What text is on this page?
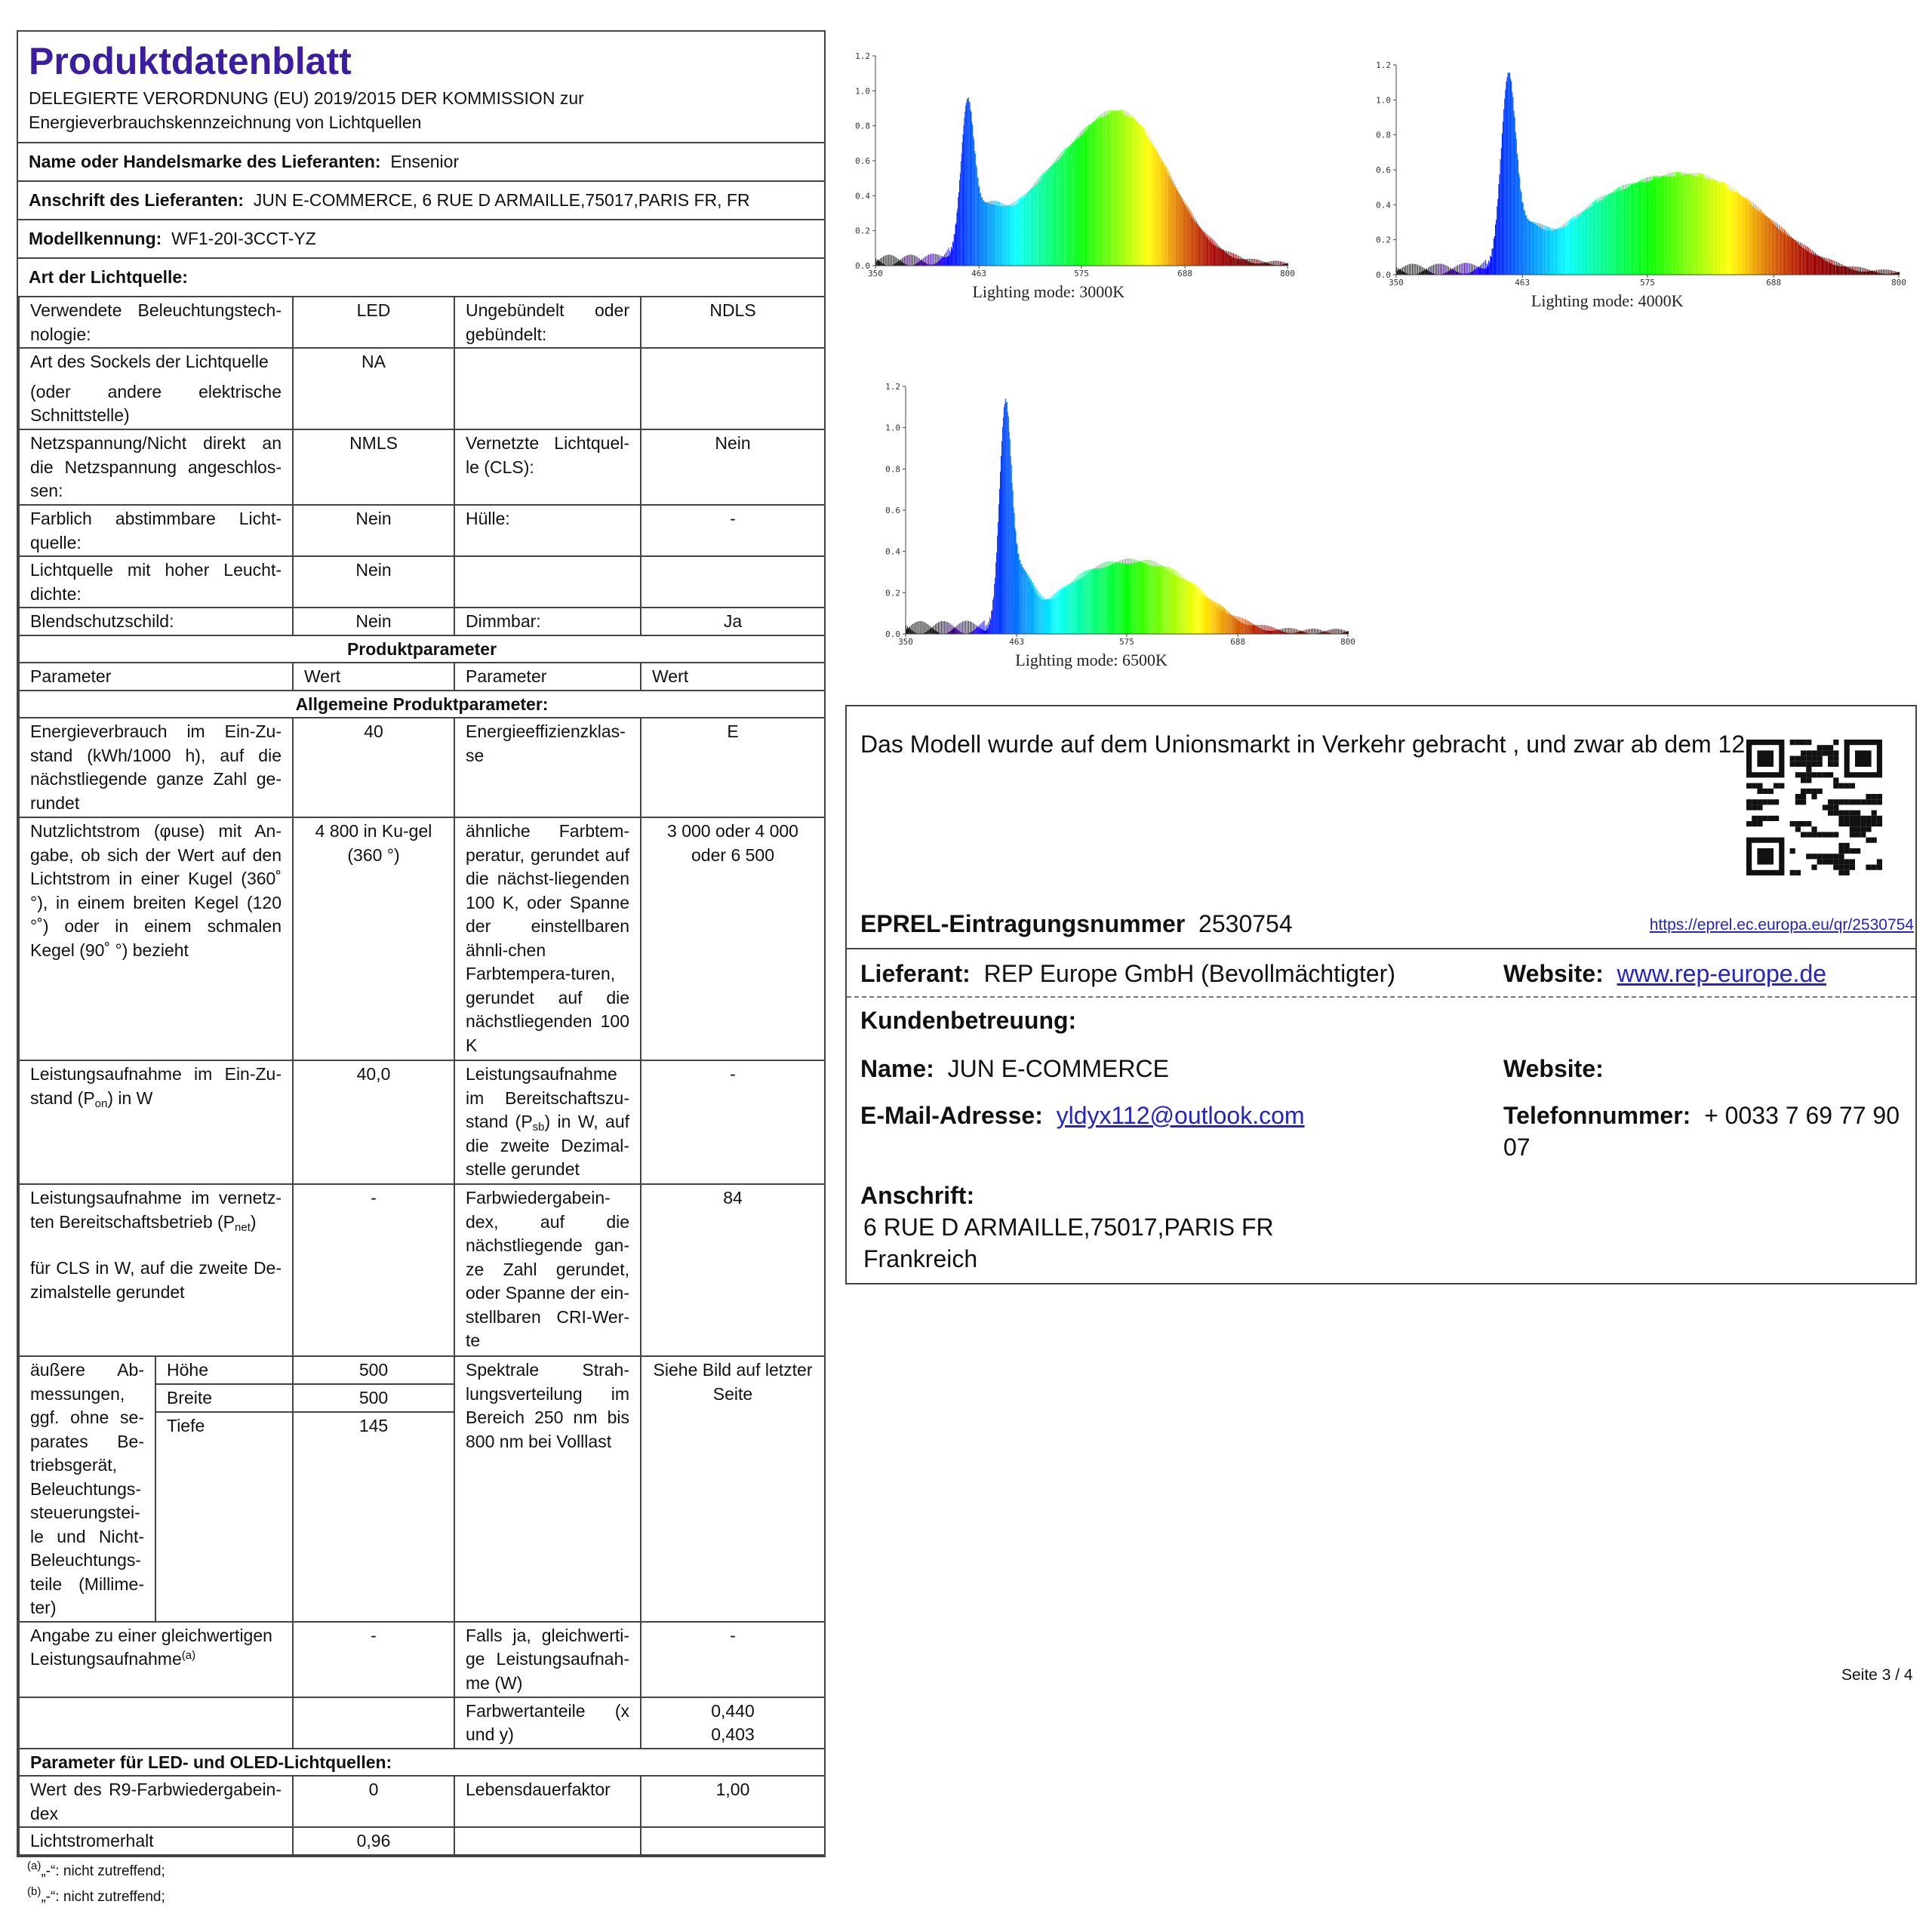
Produktdatenblatt
DELEGIERTE VERORDNUNG (EU) 2019/2015 DER KOMMISSION zur
Energieverbrauchskennzeichnung von Lichtquellen
Name oder Handelsmarke des Lieferanten: Ensenior
Anschrift des Lieferanten: JUN E-COMMERCE, 6 RUE D ARMAILLE,75017,PARIS FR, FR
Modellkennung: WF1-20I-3CCT-YZ
Art der Lichtquelle:
Verwendete Beleuchtungstech-nologie:		LED	Ungebündelt oder gebündelt:	NDLS

Art des Sockels der Lichtquelle
(oder andere elektrische Schnittstelle)		NA		
Netzspannung/Nicht direkt an die Netzspannung angeschlos-sen:		NMLS	Vernetzte Lichtquel-le (CLS):	Nein
Farblich abstimmbare Licht-quelle:		Nein	Hülle:	-
Lichtquelle mit hoher Leucht-dichte:		Nein		
Blendschutzschild:		Nein	Dimmbar:	Ja
Produktparameter				
Parameter		Wert	Parameter	Wert
Allgemeine Produktparameter:				
Energieverbrauch im Ein-Zu-stand (kWh/1000 h), auf die nächstliegende ganze Zahl ge-rundet		40	Energieeffizienzklas-se	E
Nutzlichtstrom (φuse) mit An-gabe, ob sich der Wert auf den Lichtstrom in einer Kugel (360˚ °), in einem breiten Kegel (120 °˚) oder in einem schmalen Kegel (90˚ °) bezieht		4 800 in Ku-gel (360 °)	ähnliche Farbtem-peratur, gerundet auf die nächst-liegenden 100 K, oder Spanne der einstellbaren ähnli-chen Farbtempera-turen, gerundet auf die nächstliegenden 100 K	3 000 oder 4 000 oder 6 500
Leistungsaufnahme im Ein-Zu-stand $(P_{on})$ in W		40,0	Leistungsaufnahme im Bereitschaftszu-stand $(P_{sb})$ in W, auf die zweite Dezimal-stelle gerundet	-
Leistungsaufnahme im vernetz-ten Bereitschaftsbetrieb $(P_{net})$
für CLS in W, auf die zweite De-zimalstelle gerundet		-	Farbwiedergabein-dex, auf die nächstliegende gan-ze Zahl gerundet, oder Spanne der ein-stellbaren CRI-Wer-te	84
äußere Ab-messungen, ggf. ohne se-parates Be-triebsgerät, Beleuchtungs-steuerungstei-le und Nicht-Beleuchtungs-teile (Millime-ter)	Höhe	500	Spektrale Strah-lungsverteilung im Bereich 250 nm bis 800 nm bei Volllast	Siehe Bild auf letzter Seite
	Breite	500		
	Tiefe	145		
Angabe zu einer gleichwertigen Leistungsaufnahme$^{(a)}$		-	Falls ja, gleichwerti-ge Leistungsaufnah-me (W)	-
			Farbwertanteile (x und y)	0,440
0,403

Parameter für LED- und OLED-Lichtquellen:				
Wert des R9-Farbwiedergabein-dex		0	Lebensdauerfaktor	1,00
Lichtstromerhalt		0,96		
$^{(a)}$„-“: nicht zutreffend;
$^{(b)}$„-“: nicht zutreffend;
1.2
1.0
0.8
0.6
0.4
0.2
0.0
350	463	575	688	800
Lighting mode: 3000K
1.2
1.0
0.8
0.6
0.4
0.2
0.0
350	463	575	688	800
Lighting mode: 4000K
1.2
1.0
0.8
0.6
0.4
0.2
0.0
350	463	575	688	800
Lighting mode: 6500K
Das Modell wurde auf dem Unionsmarkt in Verkehr gebracht , und zwar ab dem 12
EPREL-Eintragungsnummer 2530754	https://eprel.ec.europa.eu/qr/2530754
Lieferant: REP Europe GmbH (Bevollmächtigter)	Website: www.rep-europe.de
Kundenbetreuung:
Name: JUN E-COMMERCE	Website:
E-Mail-Adresse: yldyx112@outlook.com	Telefonnummer: + 0033 7 69 77 90
07
Anschrift:
6 RUE D ARMAILLE,75017,PARIS FR
Frankreich
Seite 3 / 4
